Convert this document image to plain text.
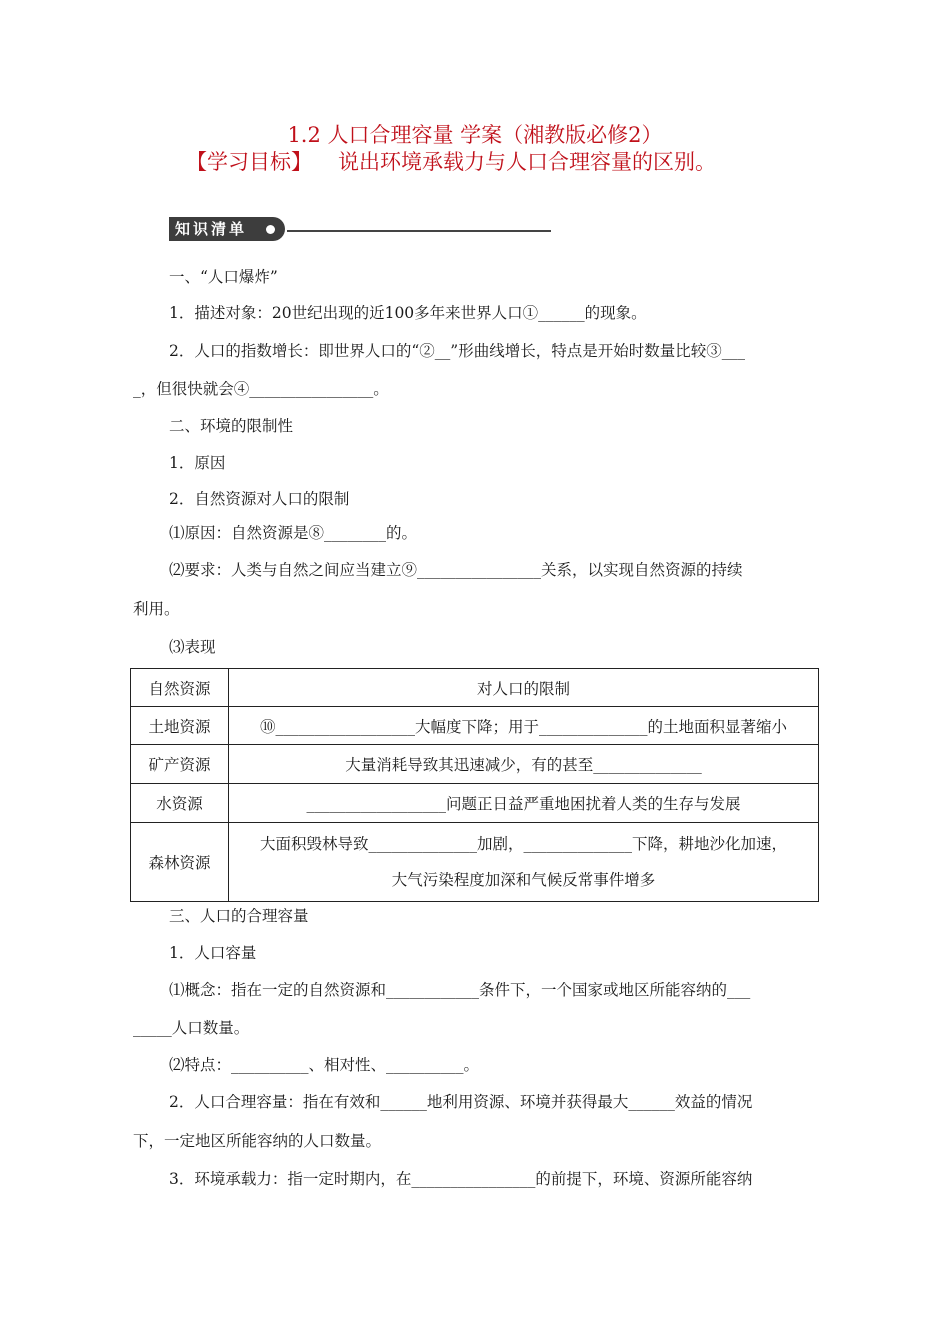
1.2 人口合理容量 学案（湘教版必修2）
【学习目标】 说出环境承载力与人口合理容量的区别。
知识清单
一、“人口爆炸”
1．描述对象：20世纪出现的近100多年来世界人口①______的现象。
2．人口的指数增长：即世界人口的“②__”形曲线增长，特点是开始时数量比较③___
_，但很快就会④________________。
二、环境的限制性
1．原因
2．自然资源对人口的限制
⑴原因：自然资源是⑧________的。
⑵要求：人类与自然之间应当建立⑨________________关系，以实现自然资源的持续
利用。
⑶表现
自然资源	对人口的限制
土地资源	⑩__________________大幅度下降；用于______________的土地面积显著缩小
矿产资源	大量消耗导致其迅速减少，有的甚至______________
水资源	__________________问题正日益严重地困扰着人类的生存与发展
森林资源	大面积毁林导致______________加剧，______________下降，耕地沙化加速，
大气污染程度加深和气候反常事件增多
三、人口的合理容量
1．人口容量
⑴概念：指在一定的自然资源和____________条件下，一个国家或地区所能容纳的___
_____人口数量。
⑵特点：__________、相对性、__________。
2．人口合理容量：指在有效和______地利用资源、环境并获得最大______效益的情况
下，一定地区所能容纳的人口数量。
3．环境承载力：指一定时期内，在________________的前提下，环境、资源所能容纳
